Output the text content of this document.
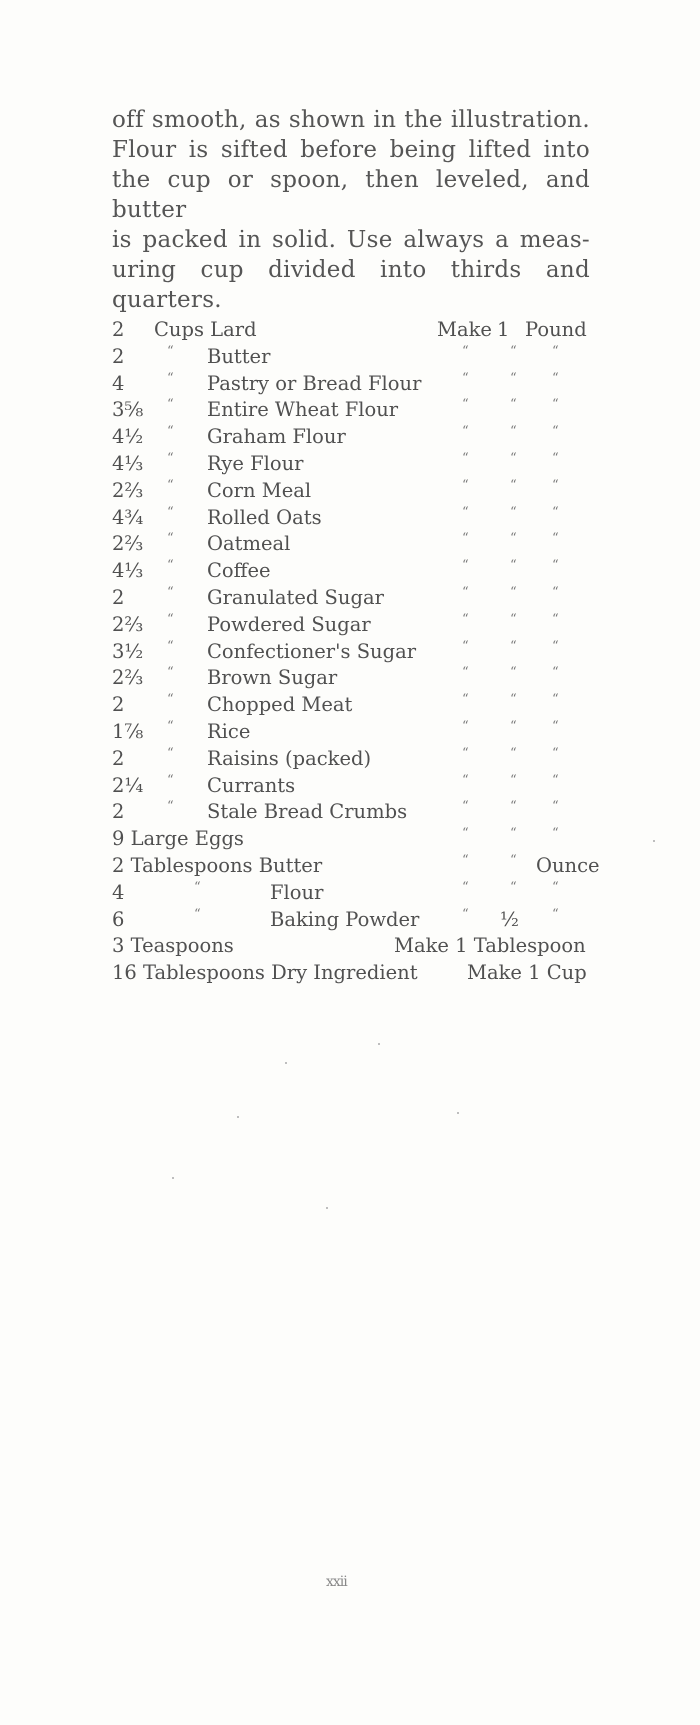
off smooth, as shown in the illustration.
Flour is sifted before being lifted into
the cup or spoon, then leveled, and butter
is packed in solid. Use always a meas-
uring cup divided into thirds and
quarters.
2 Cups Lard	Make 1 Pound
2	“ Butter	“	“	“
4	“ Pastry or Bread Flour	“	“	“
3⅝ “ Entire Wheat Flour	“	“	“
4½ “ Graham Flour	“	“	“
4⅓ “ Rye Flour	“	“	“
2⅔ “ Corn Meal	“	“	“
4¾ “ Rolled Oats	“	“	“
2⅔ “ Oatmeal	“	“	“
4⅓ “ Coffee	“	“	“
2	“ Granulated Sugar	“	“	“
2⅔ “ Powdered Sugar	“	“	“
3½ “ Confectioner's Sugar	“	“	“
2⅔ “ Brown Sugar	“	“	“
2	“ Chopped Meat	“	“	“
1⅞ “ Rice	“	“	“
2	“ Raisins (packed)	“	“	“
2¼ “ Currants	“	“	“
2	“ Stale Bread Crumbs	“	“	“
9 Large Eggs	“	“	“
2 Tablespoons Butter	“	“ Ounce
4	“	Flour	“	“	“
6	“	Baking Powder	“ ½	“
3 Teaspoons	Make 1 Tablespoon
16 Tablespoons Dry Ingredient	Make 1 Cup
xxii
